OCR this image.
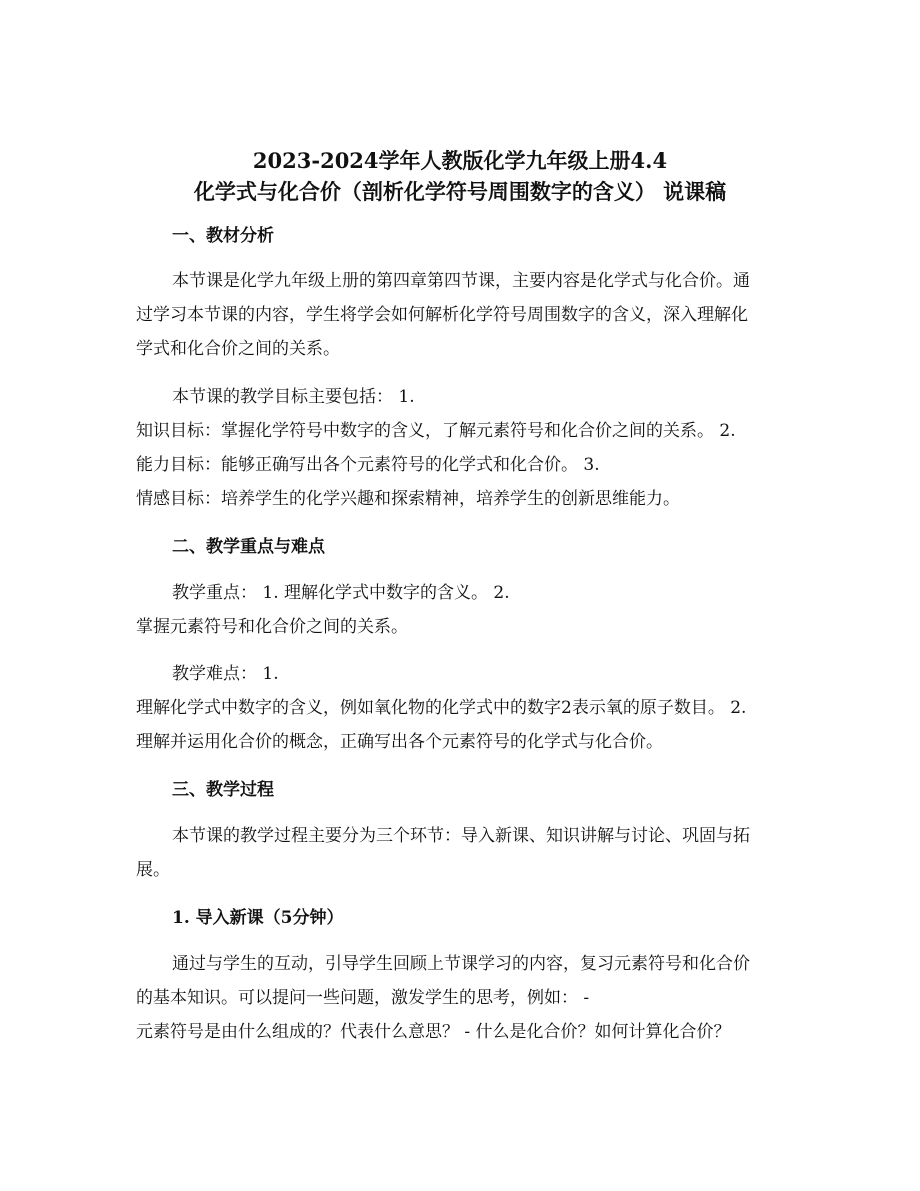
2023-2024学年人教版化学九年级上册4.4
化学式与化合价（剖析化学符号周围数字的含义） 说课稿
一、教材分析

本节课是化学九年级上册的第四章第四节课，主要内容是化学式与化合价。通

过学习本节课的内容，学生将学会如何解析化学符号周围数字的含义，深入理解化

学式和化合价之间的关系。

本节课的教学目标主要包括： 1.

知识目标：掌握化学符号中数字的含义，了解元素符号和化合价之间的关系。 2.

能力目标：能够正确写出各个元素符号的化学式和化合价。 3.

情感目标：培养学生的化学兴趣和探索精神，培养学生的创新思维能力。

二、教学重点与难点

教学重点： 1. 理解化学式中数字的含义。 2.

掌握元素符号和化合价之间的关系。

教学难点： 1.

理解化学式中数字的含义，例如氧化物的化学式中的数字2表示氧的原子数目。 2.

理解并运用化合价的概念，正确写出各个元素符号的化学式与化合价。

三、教学过程

本节课的教学过程主要分为三个环节：导入新课、知识讲解与讨论、巩固与拓

展。

1. 导入新课（5分钟）

通过与学生的互动，引导学生回顾上节课学习的内容，复习元素符号和化合价

的基本知识。可以提问一些问题，激发学生的思考，例如： -

元素符号是由什么组成的？代表什么意思？ - 什么是化合价？如何计算化合价？
